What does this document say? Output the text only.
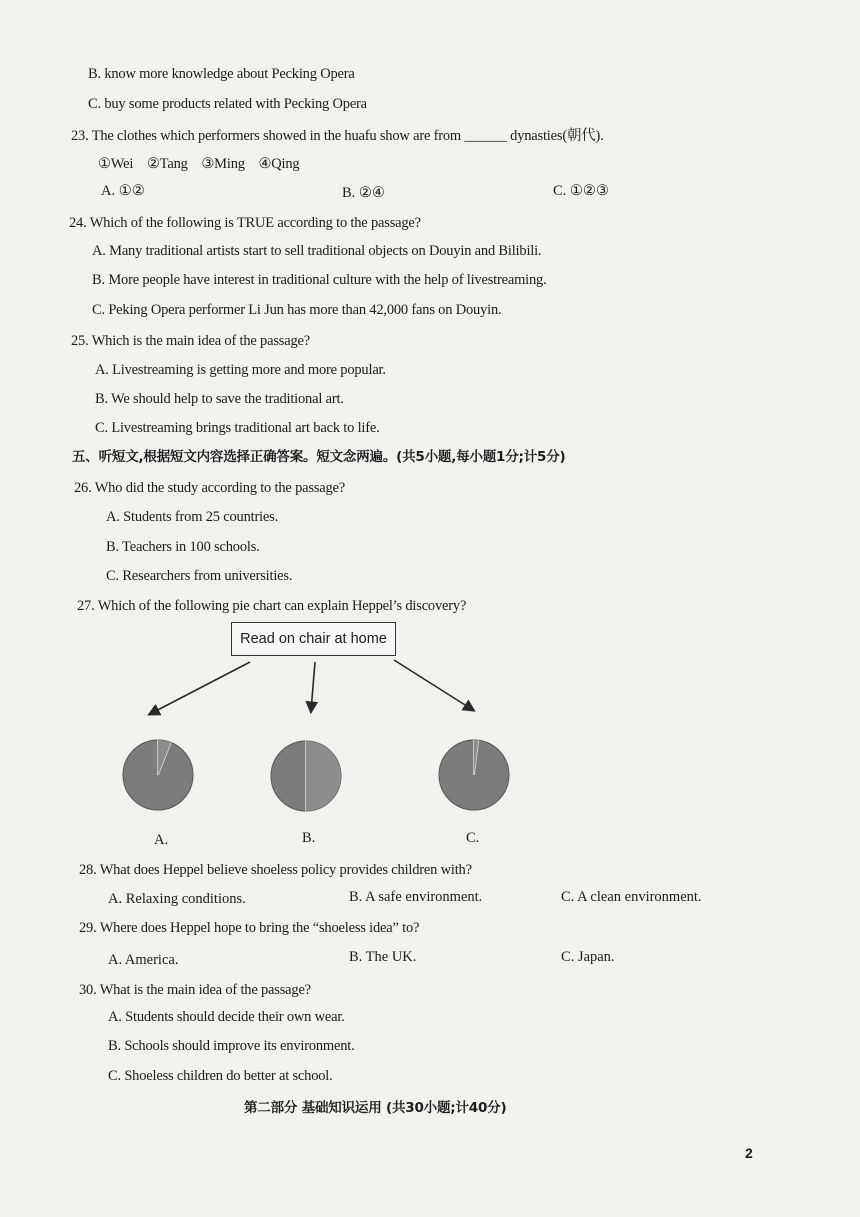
B. know more knowledge about Pecking Opera
C. buy some products related with Pecking Opera
23. The clothes which performers showed in the huafu show are from ______ dynasties(朝代).
①Wei    ②Tang    ③Ming    ④Qing
A. ①②	B. ②④	C. ①②③
24. Which of the following is TRUE according to the passage?
A. Many traditional artists start to sell traditional objects on Douyin and Bilibili.
B. More people have interest in traditional culture with the help of livestreaming.
C. Peking Opera performer Li Jun has more than 42,000 fans on Douyin.
25. Which is the main idea of the passage?
A. Livestreaming is getting more and more popular.
B. We should help to save the traditional art.
C. Livestreaming brings traditional art back to life.
五、听短文,根据短文内容选择正确答案。短文念两遍。(共5小题,每小题1分;计5分)
26. Who did the study according to the passage?
A. Students from 25 countries.
B. Teachers in 100 schools.
C. Researchers from universities.
27. Which of the following pie chart can explain Heppel’s discovery?
Read on chair at home
A.	B.	C.
28. What does Heppel believe shoeless policy provides children with?
A. Relaxing conditions.	B. A safe environment.	C. A clean environment.
29. Where does Heppel hope to bring the “shoeless idea” to?
A. America.	B. The UK.	C. Japan.
30. What is the main idea of the passage?
A. Students should decide their own wear.
B. Schools should improve its environment.
C. Shoeless children do better at school.
第二部分 基础知识运用 (共30小题;计40分)
2
